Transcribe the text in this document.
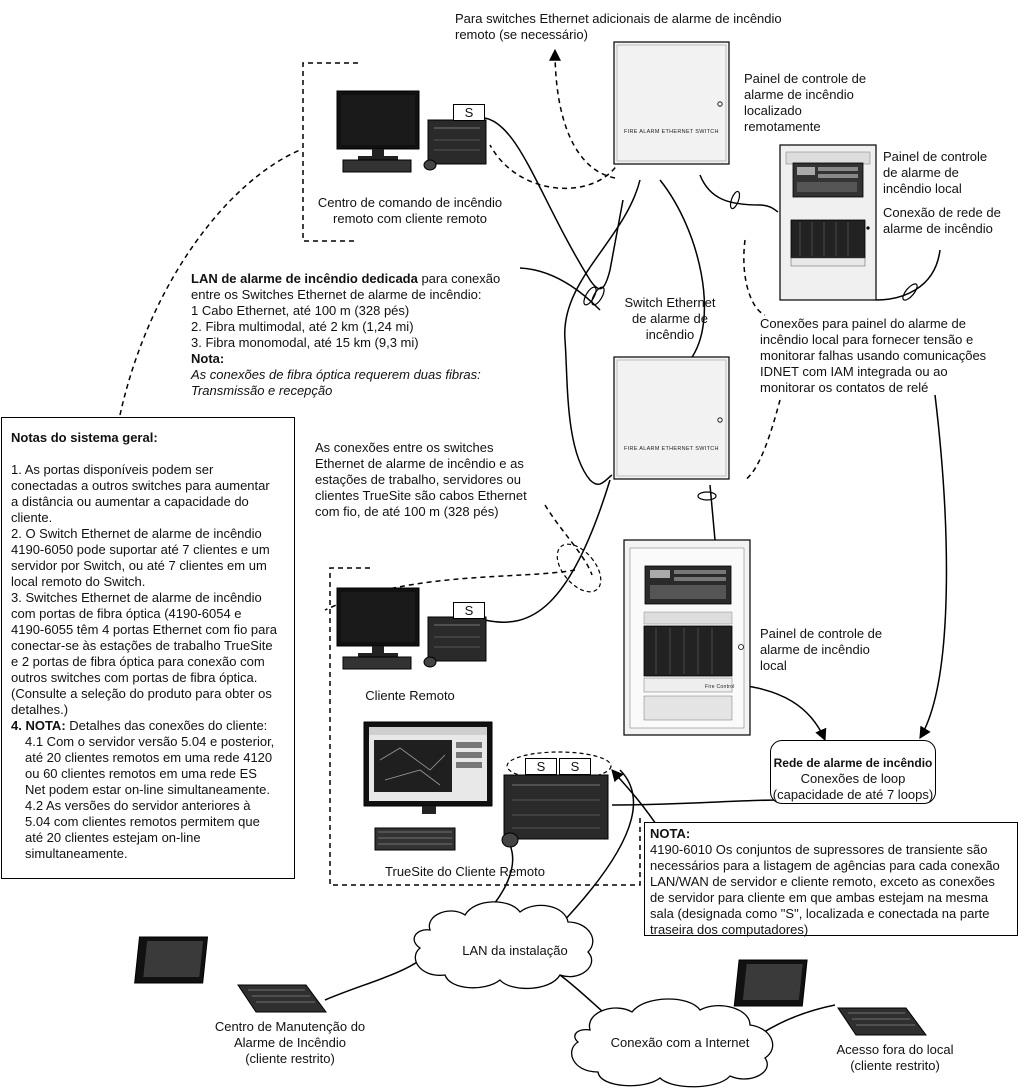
S
S
S	S
FIRE ALARM ETHERNET SWITCH
FIRE ALARM ETHERNET SWITCH
Fire Control
Para switches Ethernet adicionais de alarme de incêndio
remoto (se necessário)
Painel de controle de
alarme de incêndio
localizado
remotamente
Painel de controle
de alarme de
incêndio local
Conexão de rede de
alarme de incêndio
Centro de comando de incêndio
remoto com cliente remoto
LAN de alarme de incêndio dedicada para conexão
entre os Switches Ethernet de alarme de incêndio:
1 Cabo Ethernet, até 100 m (328 pés)
2. Fibra multimodal, até 2 km (1,24 mi)
3. Fibra monomodal, até 15 km (9,3 mi)
Nota:
As conexões de fibra óptica requerem duas fibras:
Transmissão e recepção
Switch Ethernet
de alarme de
incêndio
Conexões para painel do alarme de
incêndio local para fornecer tensão e
monitorar falhas usando comunicações
IDNET com IAM integrada ou ao
monitorar os contatos de relé
Notas do sistema geral:
1. As portas disponíveis podem ser
conectadas a outros switches para aumentar
a distância ou aumentar a capacidade do
cliente.
2. O Switch Ethernet de alarme de incêndio
4190-6050 pode suportar até 7 clientes e um
servidor por Switch, ou até 7 clientes em um
local remoto do Switch.
3. Switches Ethernet de alarme de incêndio
com portas de fibra óptica (4190-6054 e
4190-6055 têm 4 portas Ethernet com fio para
conectar-se às estações de trabalho TrueSite
e 2 portas de fibra óptica para conexão com
outros switches com portas de fibra óptica.
(Consulte a seleção do produto para obter os
detalhes.)
4. NOTA: Detalhes das conexões do cliente:
4.1 Com o servidor versão 5.04 e posterior,
até 20 clientes remotos em uma rede 4120
ou 60 clientes remotos em uma rede ES
Net podem estar on-line simultaneamente.
4.2 As versões do servidor anteriores à
5.04 com clientes remotos permitem que
até 20 clientes estejam on-line
simultaneamente.
As conexões entre os switches
Ethernet de alarme de incêndio e as
estações de trabalho, servidores ou
clientes TrueSite são cabos Ethernet
com fio, de até 100 m (328 pés)
Painel de controle de
alarme de incêndio
local
Cliente Remoto
TrueSite do Cliente Remoto
Rede de alarme de incêndio
Conexões de loop
(capacidade de até 7 loops)
NOTA:
4190-6010 Os conjuntos de supressores de transiente são
necessários para a listagem de agências para cada conexão
LAN/WAN de servidor e cliente remoto, exceto as conexões
de servidor para cliente em que ambas estejam na mesma
sala (designada como "S", localizada e conectada na parte
traseira dos computadores)
LAN da instalação
Conexão com a Internet
Centro de Manutenção do
Alarme de Incêndio
(cliente restrito)
Acesso fora do local
(cliente restrito)
